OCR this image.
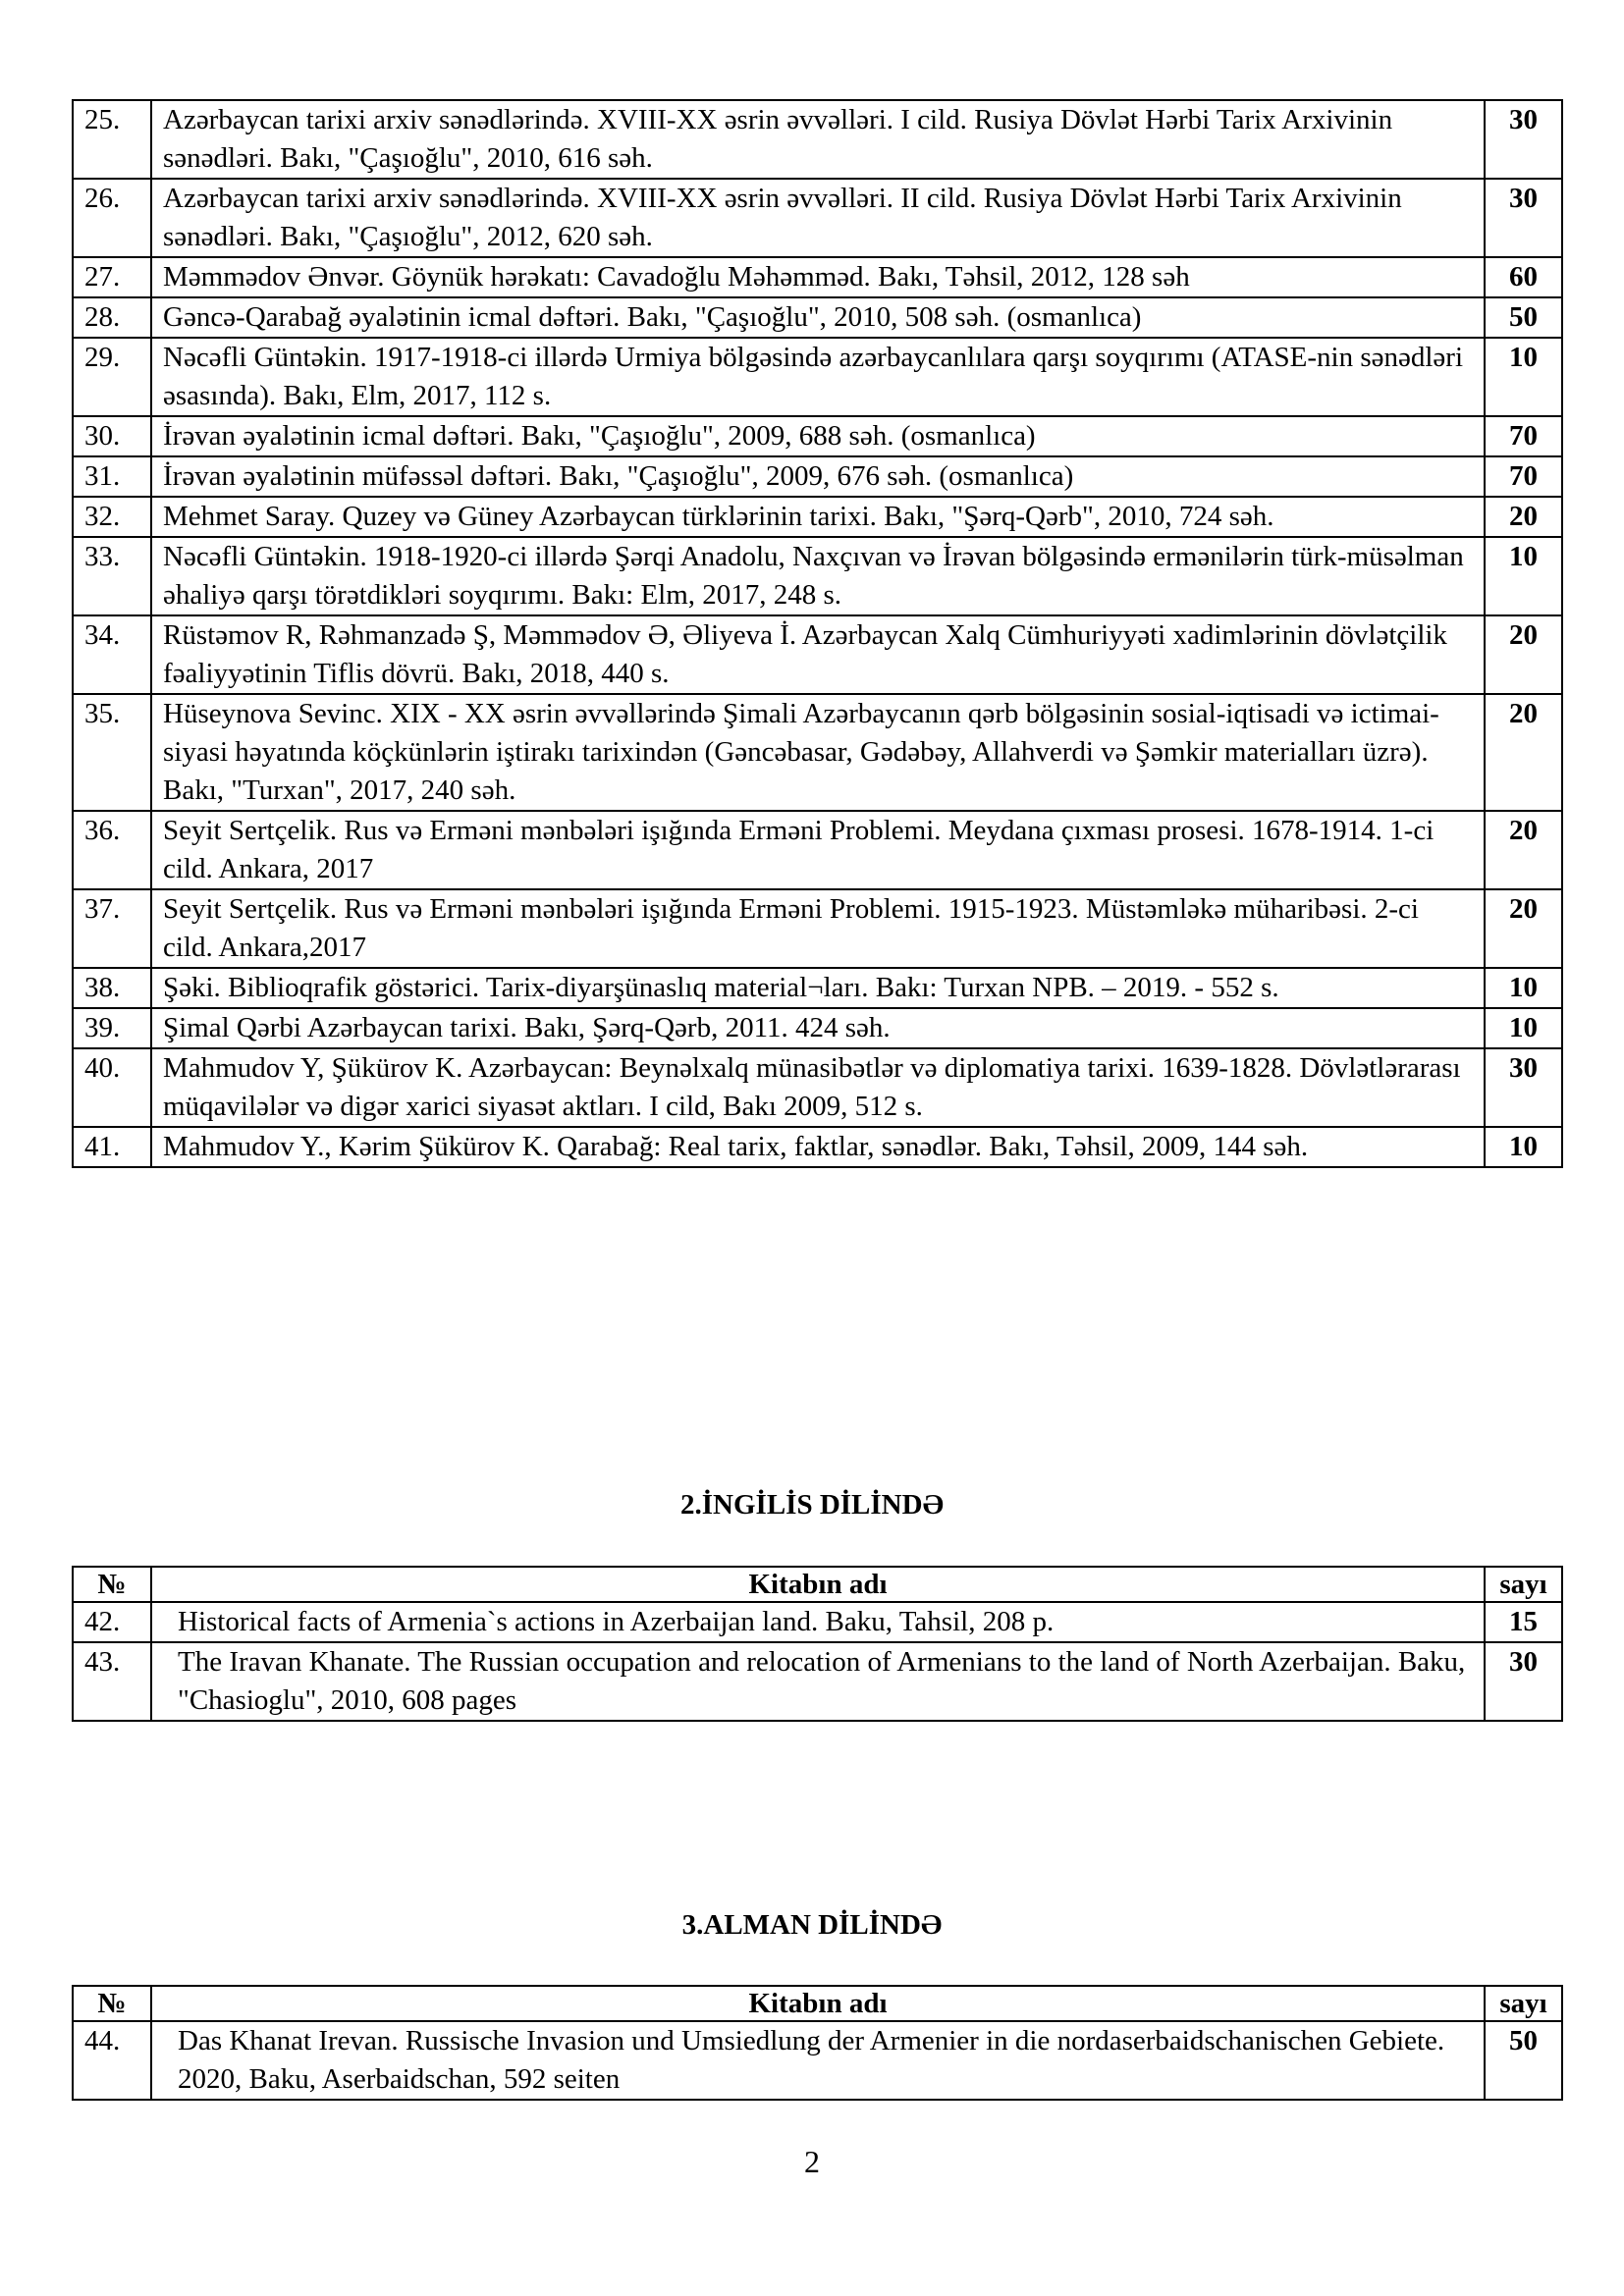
25.	Azərbaycan tarixi arxiv sənədlərində. XVIII-XX əsrin əvvəlləri. I cild. Rusiya Dövlət Hərbi Tarix Arxivinin sənədləri. Bakı, "Çaşıoğlu", 2010, 616 səh.	30
26.	Azərbaycan tarixi arxiv sənədlərində. XVIII-XX əsrin əvvəlləri. II cild. Rusiya Dövlət Hərbi Tarix Arxivinin sənədləri. Bakı, "Çaşıoğlu", 2012, 620 səh.	30
27.	Məmmədov Ənvər. Göynük hərəkatı: Cavadoğlu Məhəmməd. Bakı, Təhsil, 2012, 128 səh	60
28.	Gəncə-Qarabağ əyalətinin icmal dəftəri. Bakı, "Çaşıoğlu", 2010, 508 səh. (osmanlıca)	50
29.	Nəcəfli Güntəkin. 1917-1918-ci illərdə Urmiya bölgəsində azərbaycanlılara qarşı soyqırımı (ATASE-nin sənədləri əsasında). Bakı, Elm, 2017, 112 s.	10
30.	İrəvan əyalətinin icmal dəftəri. Bakı, "Çaşıoğlu", 2009, 688 səh. (osmanlıca)	70
31.	İrəvan əyalətinin müfəssəl dəftəri. Bakı, "Çaşıoğlu", 2009, 676 səh. (osmanlıca)	70
32.	Mehmet Saray. Quzey və Güney Azərbaycan türklərinin tarixi. Bakı, "Şərq-Qərb", 2010, 724 səh.	20
33.	Nəcəfli Güntəkin. 1918-1920-ci illərdə Şərqi Anadolu, Naxçıvan və İrəvan bölgəsində ermənilərin türk-müsəlman əhaliyə qarşı törətdikləri soyqırımı. Bakı: Elm, 2017, 248 s.	10
34.	Rüstəmov R, Rəhmanzadə Ş, Məmmədov Ə, Əliyeva İ. Azərbaycan Xalq Cümhuriyyəti xadimlərinin dövlətçilik fəaliyyətinin Tiflis dövrü. Bakı, 2018, 440 s.	20
35.	Hüseynova Sevinc. XIX - XX əsrin əvvəllərində Şimali Azərbaycanın qərb bölgəsinin sosial-iqtisadi və ictimai- siyasi həyatında köçkünlərin iştirakı tarixindən (Gəncəbasar, Gədəbəy, Allahverdi və Şəmkir materialları üzrə). Bakı, "Turxan", 2017, 240 səh.	20
36.	Seyit Sertçelik. Rus və Erməni mənbələri işığında Erməni Problemi. Meydana çıxması prosesi. 1678-1914. 1-ci cild. Ankara, 2017	20
37.	Seyit Sertçelik. Rus və Erməni mənbələri işığında Erməni Problemi. 1915-1923. Müstəmləkə müharibəsi. 2-ci cild. Ankara,2017	20
38.	Şəki. Biblioqrafik göstərici. Tarix-diyarşünaslıq material¬ları. Bakı: Turxan NPB. – 2019. - 552 s.	10
39.	Şimal Qərbi Azərbaycan tarixi. Bakı, Şərq-Qərb, 2011. 424 səh.	10
40.	Mahmudov Y, Şükürov K. Azərbaycan: Beynəlxalq münasibətlər və diplomatiya tarixi. 1639-1828. Dövlətlərarası müqavilələr və digər xarici siyasət aktları. I cild, Bakı 2009, 512 s.	30
41.	Mahmudov Y., Kərim Şükürov K. Qarabağ: Real tarix, faktlar, sənədlər. Bakı, Təhsil, 2009, 144 səh.	10
2.İNGİLİS DİLİNDƏ
№	Kitabın adı	sayı
42.	Historical facts of Armenia`s actions in Azerbaijan land. Baku, Tahsil, 208 p.	15
43.	The Iravan Khanate. The Russian occupation and relocation of Armenians to the land of North Azerbaijan. Baku, "Chasioglu", 2010, 608 pages	30
3.ALMAN DİLİNDƏ
№	Kitabın adı	sayı
44.	Das Khanat Irevan. Russische Invasion und Umsiedlung der Armenier in die nordaserbaidschanischen Gebiete. 2020, Baku, Aserbaidschan, 592 seiten	50
2
